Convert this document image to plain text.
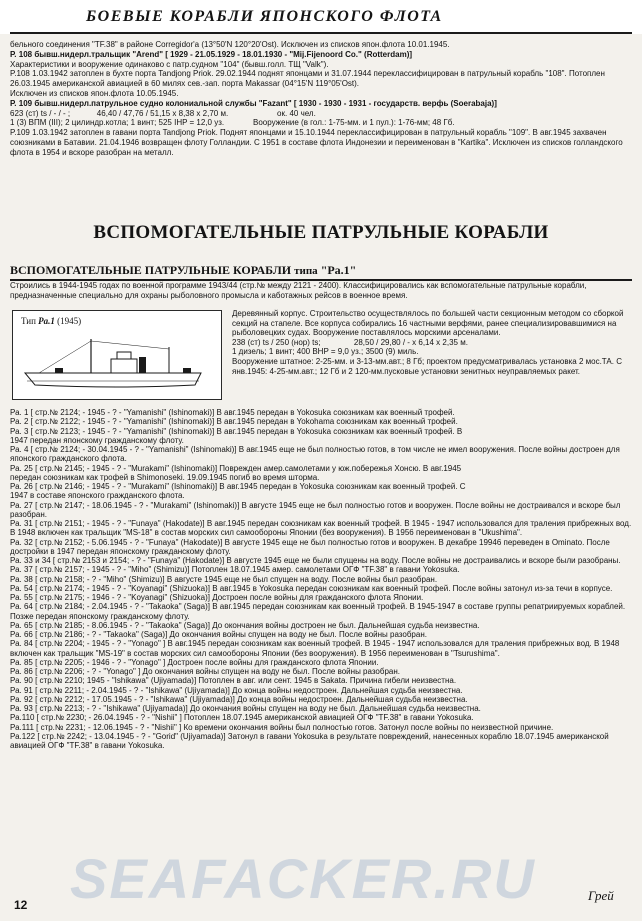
БОЕВЫЕ КОРАБЛИ ЯПОНСКОГО ФЛОТА

бельного соединения "TF.38" в районе Corregidor'a (13°50'N 120°20'Ost). Исключен из списков япон.флота 10.01.1945.

P. 108 бывш.нидерл.тральщик "Arend" [ 1929 - 21.05.1929 - 18.01.1930 - "Mij.Fijenoord Co." (Rotterdam)]

Характеристики и вооружение одинаково с патр.судном "104" (бывш.голл. ТЩ "Valk").

P.108 1.03.1942 затоплен в бухте порта Tandjong Priok. 29.02.1944 поднят японцами и 31.07.1944 переклассифицирован в патрульный корабль "108". Потоплен 26.03.1945 американской авиацией в 60 милях сев.-зап. порта Makassar (04°15'N 119°05'Ost).

Исключен из списков япон.флота 10.05.1945.

P. 109 бывш.нидерл.патрульное судно колониальной службы "Fazant" [ 1930 - 1930 - 1931 - государств. верфь (Soerabaja)]

623 (ст) ts / - / - ;            46,40 / 47,76 / 51,15 x 8,38 x 2,70 м.                      ок. 40 чел.

1 (3) ВПМ (III); 2 цилиндр.котла; 1 винт; 525 IHP = 12,0 уз.             Вооружение (в гол.: 1-75-мм. и 1 пул.): 1-76-мм; 48 Гб.

P.109 1.03.1942 затоплен в гавани порта Tandjong Priok. Поднят японцами и 15.10.1944 переклассифицирован в патрульный корабль "109". В авг.1945 захвачен союзниками в Батавии. 21.04.1946 возвращен флоту Голландии. С 1951 в составе флота Индонезии и переименован в "Kartika". Исключен из списков голландского флота в 1954 и вскоре разобран на металл.

ВСПОМОГАТЕЛЬНЫЕ ПАТРУЛЬНЫЕ КОРАБЛИ
ВСПОМОГАТЕЛЬНЫЕ ПАТРУЛЬНЫЕ КОРАБЛИ типа "Ра.1"

Строились в 1944-1945 годах по военной программе 1943/44 (стр.№ между 2121 - 2400). Классифицировались как вспомогательные патрульные корабли, предназначенные специально для охраны рыболовного промысла и каботажных рейсов в военное время.

Тип Pa.1 (1945)

Деревянный корпус. Строительство осуществлялось по большей части секционным методом со сборкой секций на стапеле. Все корпуса собирались 16 частными верфями, ранее специализировавшимися на рыболовецких судах. Вооружение поставлялось морскими арсеналами.

238 (ст) ts / 250 (нор) ts;               28,50 / 29,80 / - x 6,14 x 2,35 м.

1 дизель; 1 винт; 400 BHP = 9,0 уз.; 3500 (9) миль.

Вооружение штатное: 2-25-мм. и 3-13-мм.авт.; 8 Гб; проектом предусматривалась установка 2 мос.ТА. С янв.1945: 4-25-мм.авт.; 12 Гб и 2 120-мм.пусковые установки зенитных неуправляемых ракет.

Ра. 1 [ стр.№ 2124; - 1945 - ? - "Yamanishi" (Ishinomaki)] В авг.1945 передан в Yokosuka союзникам как военный трофей.

Ра. 2 [ стр.№ 2122; - 1945 - ? - "Yamanishi" (Ishinomaki)] В авг.1945 передан в Yokohama союзникам как военный трофей.

Ра. 3 [ стр.№ 2123; - 1945 - ? - "Yamanishi" (Ishinomaki)] В авг.1945 передан в Yokosuka союзникам как военный трофей. В

1947 передан японскому гражданскому флоту.

Ра. 4 [ стр.№ 2124; - 30.04.1945 - ? - "Yamanishi" (Ishinomaki)] В авг.1945 еще не был полностью готов, в том числе не имел вооружения. После войны достроен для японского гражданского флота.

Ра. 25 [ стр.№ 2145; - 1945 - ? - "Murakami" (Ishinomaki)] Поврежден амер.самолетами у юж.побережья Хонсю. В авг.1945

передан союзникам как трофей в Shimonoseki. 19.09.1945 погиб во время шторма.

Ра. 26 [ стр.№ 2146; - 1945 - ? - "Murakami" (Ishinomaki)] В авг.1945 передан в Yokosuka союзникам как военный трофей. С

1947 в составе японского гражданского флота.

Ра. 27 [ стр.№ 2147; - 18.06.1945 - ? - "Murakami" (Ishinomaki)] В августе 1945 еще не был полностью готов и вооружен. После войны не достраивался и вскоре был разобран.

Ра. 31 [ стр.№ 2151; - 1945 - ? - "Funaya" (Hakodate)] В авг.1945 передан союзникам как военный трофей. В 1945 - 1947 использовался для траления прибрежных вод. В 1948 включен как тральщик "MS-18" в состав морских сил самообороны Японии (без вооружения). В 1956 переименован в "Ukushima".

Ра. 32 [ стр.№ 2152; - 5.06.1945 - ? - "Funaya" (Hakodate)] В августе 1945 еще не был полностью готов и вооружен. В декабре 19946 переведен в Ominato. После достройки в 1947 передан японскому гражданскому флоту.

Ра. 33 и 34 [ стр.№ 2153 и 2154; - ? - "Funaya" (Hakodate)] В августе 1945 еще не были спущены на воду. После войны не достраивались и вскоре были разобраны.

Ра. 37 [ стр.№ 2157; - 1945 - ? - "Miho" (Shimizu)] Потоплен 18.07.1945 амер. самолетами ОГФ "TF.38" в гавани Yokosuka.

Ра. 38 [ стр.№ 2158; - ? - "Miho" (Shimizu)] В августе 1945 еще не был спущен на воду. После войны был разобран.

Ра. 54 [ стр.№ 2174; - 1945 - ? - "Koyanagi" (Shizuoka)] В авг.1945 в Yokosuka передан союзникам как военный трофей. После войны затонул из-за течи в корпусе.

Ра. 55 [ стр.№ 2175; - 1946 - ? - "Koyanagi" (Shizuoka)] Достроен после войны для гражданского флота Японии.

Ра. 64 [ стр.№ 2184; - 2.04.1945 - ? - "Takaoka" (Saga)] В авг.1945 передан союзникам как военный трофей. В 1945-1947 в составе группы репатриируемых кораблей. Позже передан японскому гражданскому флоту.

Ра. 65 [ стр.№ 2185; - 8.06.1945 - ? - "Takaoka" (Saga)] До окончания войны достроен не был. Дальнейшая судьба неизвестна.

Ра. 66 [ стр.№ 2186; - ? - "Takaoka" (Saga)] До окончания войны спущен на воду не был. После войны разобран.

Ра. 84 [ стр.№ 2204; - 1945 - ? - "Yonago" ] В авг.1945 передан союзникам как военный трофей. В 1945 - 1947 использовался для траления прибрежных вод. В 1948 включен как тральщик "MS-19" в состав морских сил самообороны Японии (без вооружения). В 1956 переименован в "Tsurushima".

Ра. 85 [ стр.№ 2205; - 1946 - ? - "Yonago" ] Достроен после войны для гражданского флота Японии.

Ра. 86 [ стр.№ 2206; - ? - "Yonago" ] До окончания войны спущен на воду не был. После войны разобран.

Ра. 90 [ стр.№ 2210; 1945 - "Ishikawa" (Ujiyamada)] Потоплен в авг. или сент. 1945 в Sakata. Причина гибели неизвестна.

Ра. 91 [ стр.№ 2211; - 2.04.1945 - ? - "Ishikawa" (Ujiyamada)] До конца войны недостроен. Дальнейшая судьба неизвестна.

Ра. 92 [ стр.№ 2212; - 17.05.1945 - ? - "Ishikawa" (Ujiyamada)] До конца войны недостроен. Дальнейшая судьба неизвестна.

Ра. 93 [ стр.№ 2213; - ? - "Ishikawa" (Ujiyamada)] До окончания войны спущен на воду не был. Дальнейшая судьба неизвестна.

Ра.110 [ стр.№ 2230; - 26.04.1945 - ? - "Nishii" ] Потоплен 18.07.1945 американской авиацией ОГФ "TF.38" в гавани Yokosuka.

Ра.111 [ стр.№ 2231; - 12.06.1945 - ? - "Nishii" ] Ко времени окончания войны был полностью готов. Затонул после войны по неизвестной причине.

Ра.122 [ стр.№ 2242; - 13.04.1945 - ? - "Gorid" (Ujiyamada)] Затонул в гавани Yokosuka в результате повреждений, нанесенных кораблю 18.07.1945 американской авиацией ОГФ "TF.38" в гавани Yokosuka.

SEAFACKER.RU
12
Грей
